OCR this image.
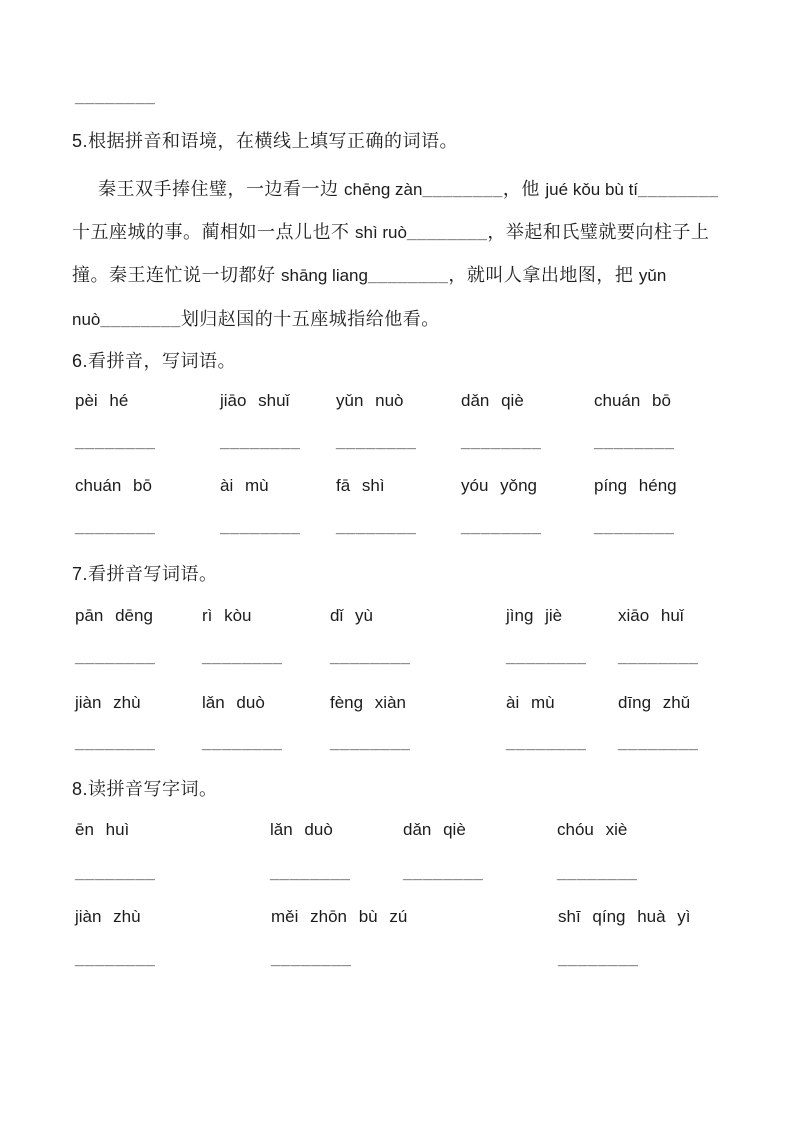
________
5.根据拼音和语境，在横线上填写正确的词语。
秦王双手捧住璧，一边看一边 chēng zàn________，他 jué kǒu bù tí________
十五座城的事。蔺相如一点儿也不 shì ruò________，举起和氏璧就要向柱子上
撞。秦王连忙说一切都好 shāng liang________，就叫人拿出地图，把 yǔn
nuò________划归赵国的十五座城指给他看。
6.看拼音，写词语。
pèi hé	jiāo shuǐ	yǔn nuò	dǎn qiè	chuán bō
________	________ ________	________	________
chuán bō	ài mù	fā shì	yóu yǒng	píng héng
________	________ ________	________	________
7.看拼音写词语。
pān dēng	rì kòu	dǐ yù	jìng jiè	xiāo huǐ
________	________	________	________ ________
jiàn zhù	lǎn duò	fèng xiàn	ài mù	dīng zhǔ
________	________	________	________ ________
8.读拼音写字词。
ēn huì	lǎn duò	dǎn qiè	chóu xiè
________	________	________	________
jiàn zhù	měi zhōn bù zú	shī qíng huà yì
________	________	________
